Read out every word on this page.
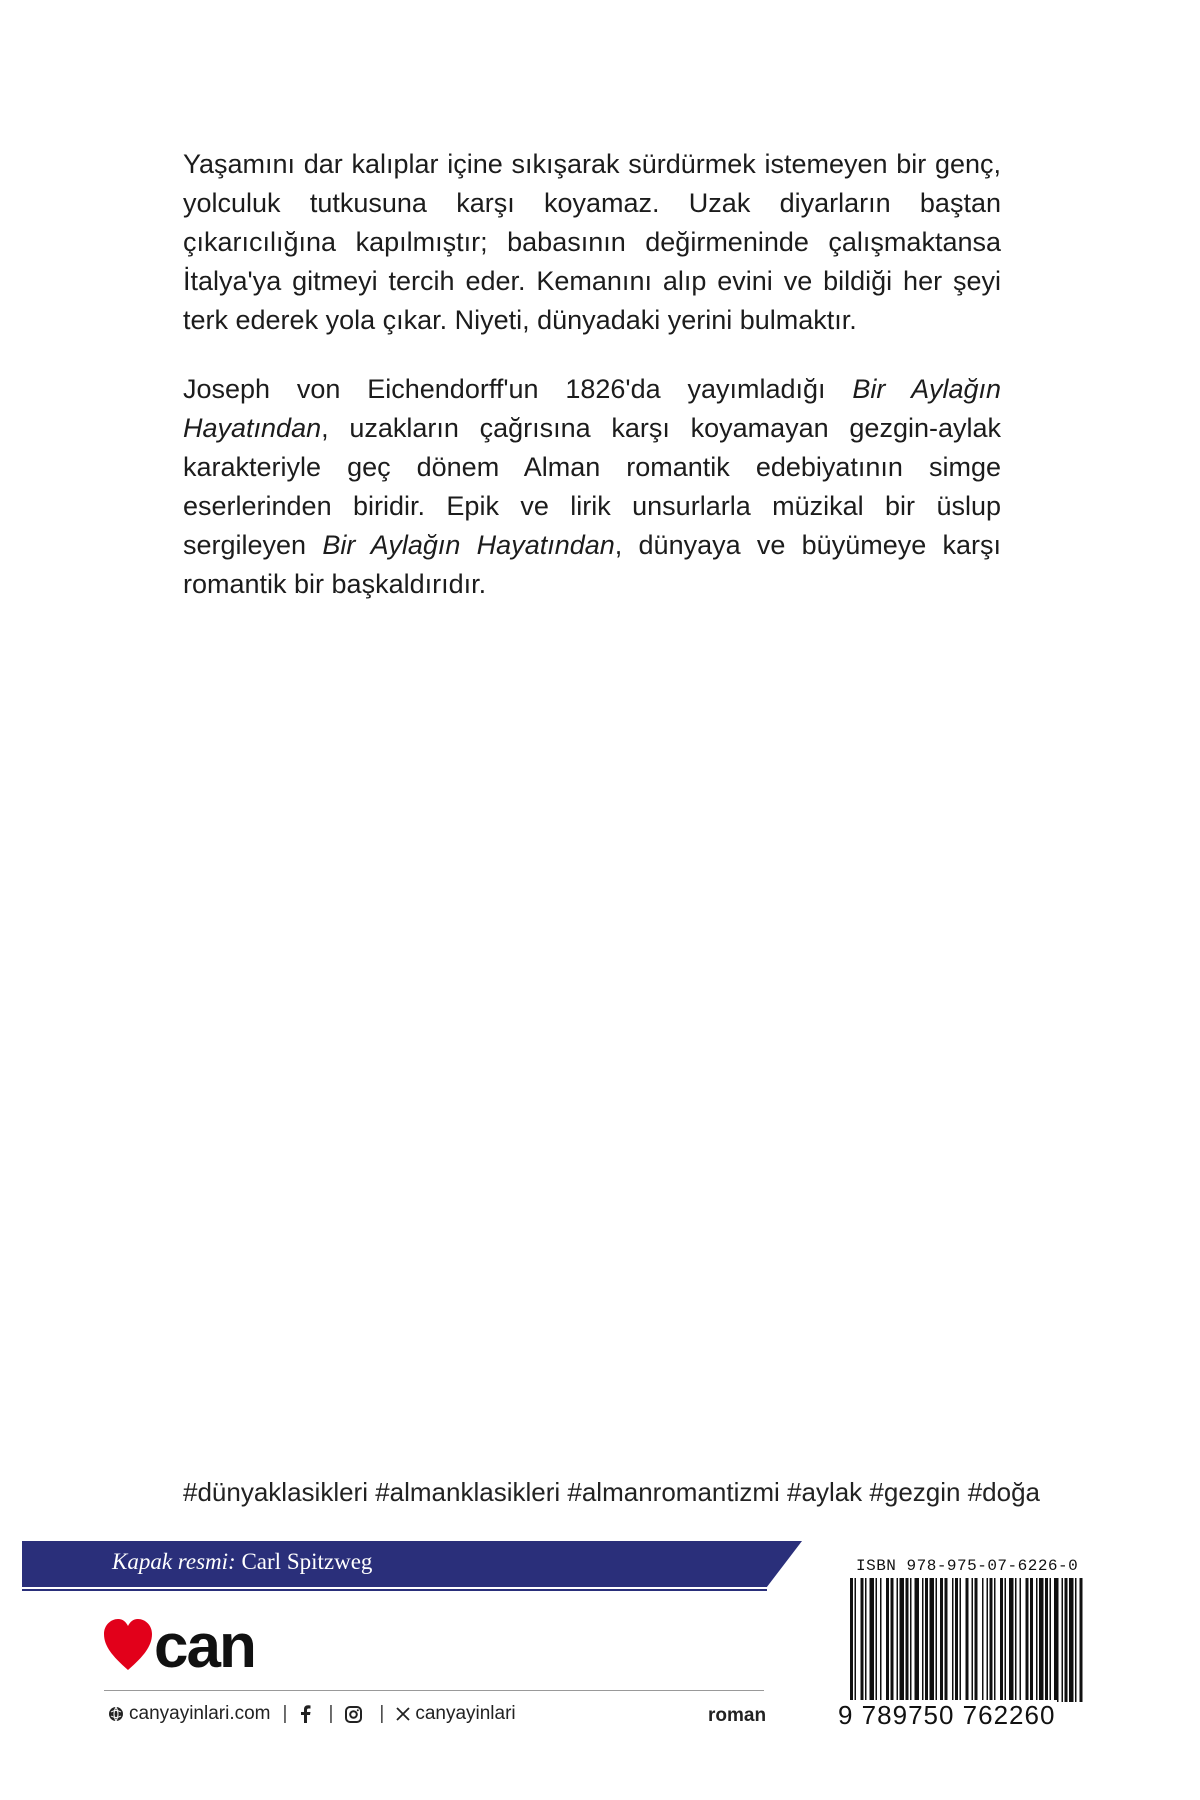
Yaşamını dar kalıplar içine sıkışarak sürdürmek istemeyen bir genç, yolculuk tutkusuna karşı koyamaz. Uzak diyarların baştan çıkarıcılığına kapılmıştır; babasının değirmeninde çalışmaktansa İtalya'ya gitmeyi tercih eder. Kemanını alıp evini ve bildiği her şeyi terk ederek yola çıkar. Niyeti, dünyadaki yerini bulmaktır.

Joseph von Eichendorff'un 1826'da yayımladığı Bir Aylağın Hayatından, uzakların çağrısına karşı koyamayan gezgin-aylak karakteriyle geç dönem Alman romantik edebiyatının simge eserlerinden biridir. Epik ve lirik unsurlarla müzikal bir üslup sergileyen Bir Aylağın Hayatından, dünyaya ve büyümeye karşı romantik bir başkaldırıdır.

#dünyaklasikleri #almanklasikleri #almanromantizmi #aylak #gezgin #doğa
Kapak resmi: Carl Spitzweg
can
canyayinlari.com | | | canyayinlari	roman
ISBN 978-975-07-6226-0
9 789750 762260
